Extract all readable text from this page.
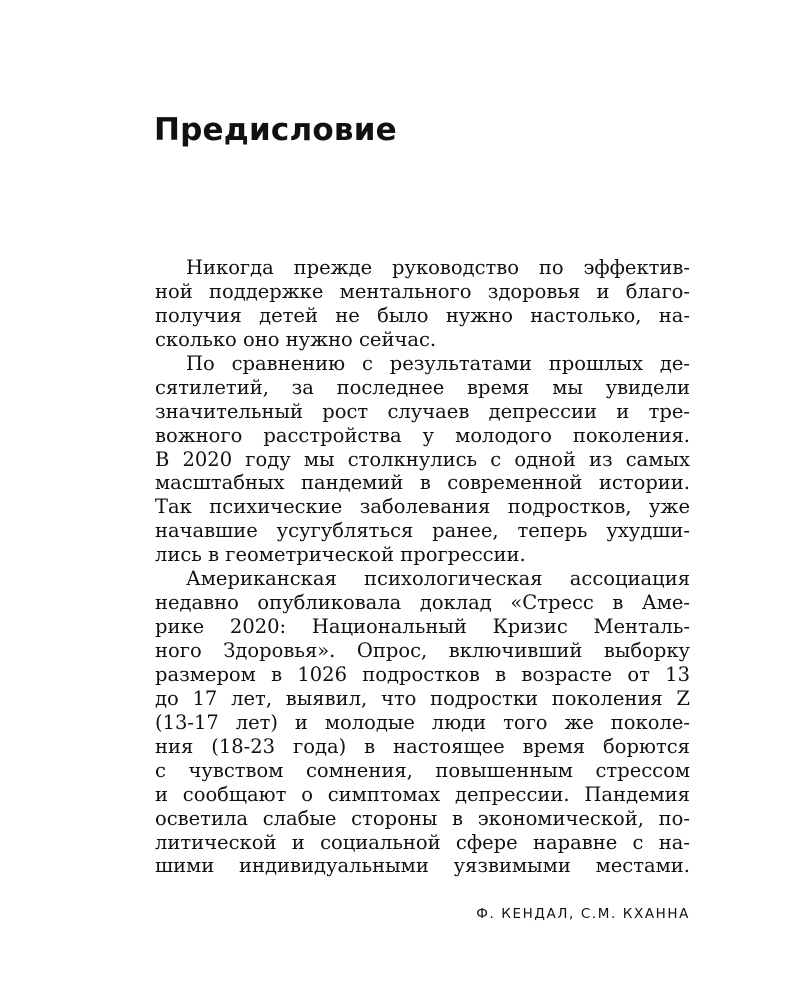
Предисловие
Никогда прежде руководство по эффектив-
ной поддержке ментального здоровья и благо-
получия детей не было нужно настолько, на-
сколько оно нужно сейчас.
По сравнению с результатами прошлых де-
сятилетий, за последнее время мы увидели
значительный рост случаев депрессии и тре-
вожного расстройства у молодого поколения.
В 2020 году мы столкнулись с одной из самых
масштабных пандемий в современной истории.
Так психические заболевания подростков, уже
начавшие усугубляться ранее, теперь ухудши-
лись в геометрической прогрессии.
Американская психологическая ассоциация
недавно опубликовала доклад «Стресс в Аме-
рике 2020: Национальный Кризис Менталь-
ного Здоровья». Опрос, включивший выборку
размером в 1026 подростков в возрасте от 13
до 17 лет, выявил, что подростки поколения Z
(13-17 лет) и молодые люди того же поколе-
ния (18-23 года) в настоящее время борются
с чувством сомнения, повышенным стрессом
и сообщают о симптомах депрессии. Пандемия
осветила слабые стороны в экономической, по-
литической и социальной сфере наравне с на-
шими индивидуальными уязвимыми местами.

Ф. КЕНДАЛ, С.М. КХАННА
